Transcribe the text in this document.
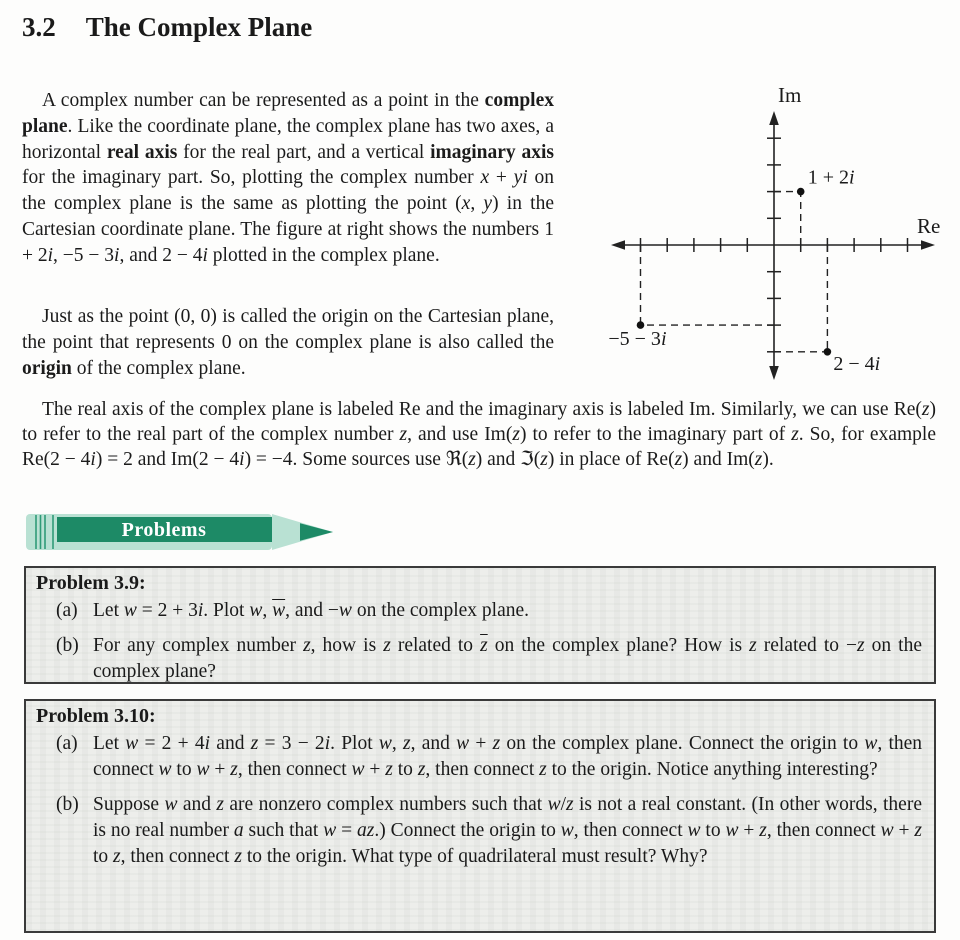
3.2 The Complex Plane
A complex number can be represented as a point in the complex plane. Like the coordinate plane, the complex plane has two axes, a horizontal real axis for the real part, and a vertical imaginary axis for the imaginary part. So, plotting the complex number x + yi on the complex plane is the same as plotting the point (x, y) in the Cartesian coordinate plane. The figure at right shows the numbers 1 + 2i, −5 − 3i, and 2 − 4i plotted in the complex plane.
Just as the point (0, 0) is called the origin on the Cartesian plane, the point that represents 0 on the complex plane is also called the origin of the complex plane.
The real axis of the complex plane is labeled Re and the imaginary axis is labeled Im. Similarly, we can use Re(z) to refer to the real part of the complex number z, and use Im(z) to refer to the imaginary part of z. So, for example Re(2 − 4i) = 2 and Im(2 − 4i) = −4. Some sources use ℜ(z) and ℑ(z) in place of Re(z) and Im(z).
Re
Im
1 + 2i
−5 − 3i
2 − 4i
Problems
Problem 3.9:
(a) Let w = 2 + 3i. Plot w, $\overline{w}$, and −w on the complex plane.
(b) For any complex number z, how is z related to $\overline{z}$ on the complex plane? How is z related to −z on the complex plane?
Problem 3.10:
(a) Let w = 2 + 4i and z = 3 − 2i. Plot w, z, and w + z on the complex plane. Connect the origin to w, then connect w to w + z, then connect w + z to z, then connect z to the origin. Notice anything interesting?
(b) Suppose w and z are nonzero complex numbers such that w/z is not a real constant. (In other words, there is no real number a such that w = az.) Connect the origin to w, then connect w to w + z, then connect w + z to z, then connect z to the origin. What type of quadrilateral must result? Why?
